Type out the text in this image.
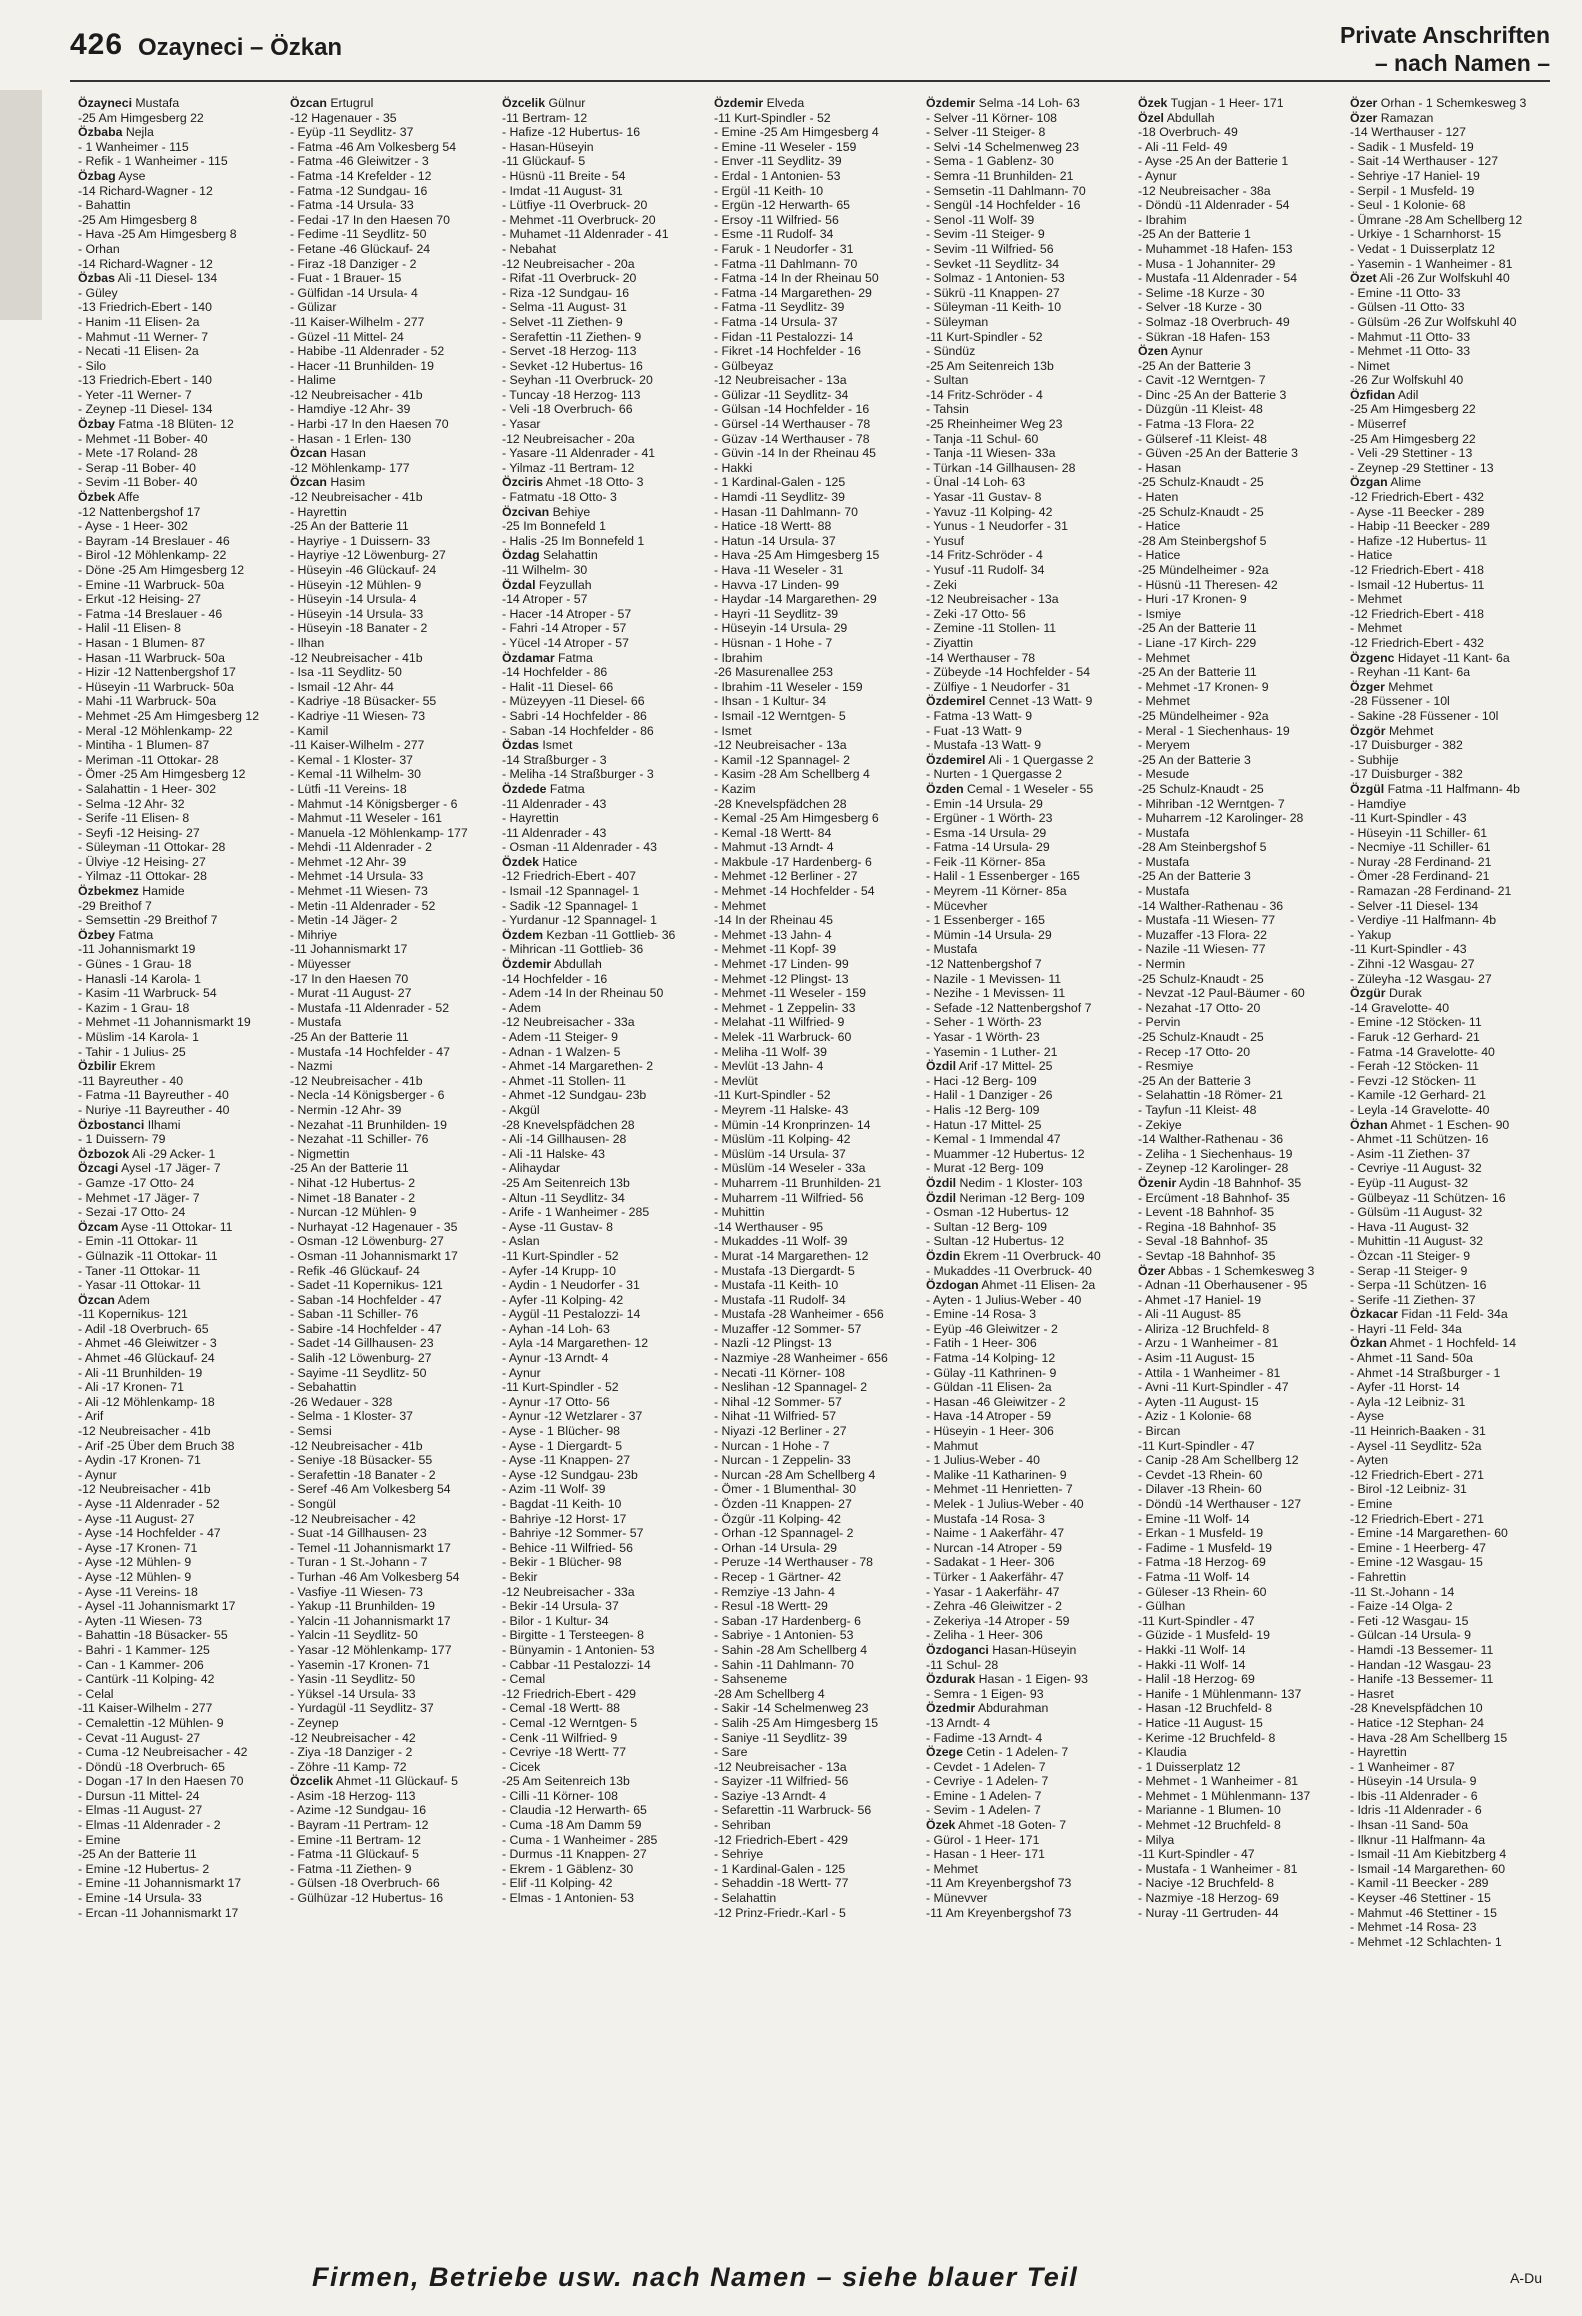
426 Ozayneci – Özkan	Private Anschriften
– nach Namen –
Özayneci Mustafa
-25 Am Himgesberg 22
Özbaba Nejla
- 1 Wanheimer - 115
- Refik - 1 Wanheimer - 115
Özbag Ayse
-14 Richard-Wagner - 12
- Bahattin
-25 Am Himgesberg 8
- Hava -25 Am Himgesberg 8
- Orhan
-14 Richard-Wagner - 12
Özbas Ali -11 Diesel- 134
- Güley
-13 Friedrich-Ebert - 140
- Hanim -11 Elisen- 2a
- Mahmut -11 Werner- 7
- Necati -11 Elisen- 2a
- Silo
-13 Friedrich-Ebert - 140
- Yeter -11 Werner- 7
- Zeynep -11 Diesel- 134
Özbay Fatma -18 Blüten- 12
- Mehmet -11 Bober- 40
- Mete -17 Roland- 28
- Serap -11 Bober- 40
- Sevim -11 Bober- 40
Özbek Affe
-12 Nattenbergshof 17
- Ayse - 1 Heer- 302
- Bayram -14 Breslauer - 46
- Birol -12 Möhlenkamp- 22
- Döne -25 Am Himgesberg 12
- Emine -11 Warbruck- 50a
- Erkut -12 Heising- 27
- Fatma -14 Breslauer - 46
- Halil -11 Elisen- 8
- Hasan - 1 Blumen- 87
- Hasan -11 Warbruck- 50a
- Hizir -12 Nattenbergshof 17
- Hüseyin -11 Warbruck- 50a
- Mahi -11 Warbruck- 50a
- Mehmet -25 Am Himgesberg 12
- Meral -12 Möhlenkamp- 22
- Mintiha - 1 Blumen- 87
- Meriman -11 Ottokar- 28
- Ömer -25 Am Himgesberg 12
- Salahattin - 1 Heer- 302
- Selma -12 Ahr- 32
- Serife -11 Elisen- 8
- Seyfi -12 Heising- 27
- Süleyman -11 Ottokar- 28
- Ülviye -12 Heising- 27
- Yilmaz -11 Ottokar- 28
Özbekmez Hamide
-29 Breithof 7
- Semsettin -29 Breithof 7
Özbey Fatma
-11 Johannismarkt 19
- Günes - 1 Grau- 18
- Hanasli -14 Karola- 1
- Kasim -11 Warbruck- 54
- Kazim - 1 Grau- 18
- Mehmet -11 Johannismarkt 19
- Müslim -14 Karola- 1
- Tahir - 1 Julius- 25
Özbilir Ekrem
-11 Bayreuther - 40
- Fatma -11 Bayreuther - 40
- Nuriye -11 Bayreuther - 40
Özbostanci Ilhami
- 1 Duissern- 79
Özbozok Ali -29 Acker- 1
Özcagi Aysel -17 Jäger- 7
- Gamze -17 Otto- 24
- Mehmet -17 Jäger- 7
- Sezai -17 Otto- 24
Özcam Ayse -11 Ottokar- 11
- Emin -11 Ottokar- 11
- Gülnazik -11 Ottokar- 11
- Taner -11 Ottokar- 11
- Yasar -11 Ottokar- 11
Özcan Adem
-11 Kopernikus- 121
- Adil -18 Overbruch- 65
- Ahmet -46 Gleiwitzer - 3
- Ahmet -46 Glückauf- 24
- Ali -11 Brunhilden- 19
- Ali -17 Kronen- 71
- Ali -12 Möhlenkamp- 18
- Arif
-12 Neubreisacher - 41b
- Arif -25 Über dem Bruch 38
- Aydin -17 Kronen- 71
- Aynur
-12 Neubreisacher - 41b
- Ayse -11 Aldenrader - 52
- Ayse -11 August- 27
- Ayse -14 Hochfelder - 47
- Ayse -17 Kronen- 71
- Ayse -12 Mühlen- 9
- Ayse -12 Mühlen- 9
- Ayse -11 Vereins- 18
- Aysel -11 Johannismarkt 17
- Ayten -11 Wiesen- 73
- Bahattin -18 Büsacker- 55
- Bahri - 1 Kammer- 125
- Can - 1 Kammer- 206
- Cantürk -11 Kolping- 42
- Celal
-11 Kaiser-Wilhelm - 277
- Cemalettin -12 Mühlen- 9
- Cevat -11 August- 27
- Cuma -12 Neubreisacher - 42
- Döndü -18 Overbruch- 65
- Dogan -17 In den Haesen 70
- Dursun -11 Mittel- 24
- Elmas -11 August- 27
- Elmas -11 Aldenrader - 2
- Emine
-25 An der Batterie 11
- Emine -12 Hubertus- 2
- Emine -11 Johannismarkt 17
- Emine -14 Ursula- 33
- Ercan -11 Johannismarkt 17
Özcan Ertugrul
-12 Hagenauer - 35
- Eyüp -11 Seydlitz- 37
- Fatma -46 Am Volkesberg 54
- Fatma -46 Gleiwitzer - 3
- Fatma -14 Krefelder - 12
- Fatma -12 Sundgau- 16
- Fatma -14 Ursula- 33
- Fedai -17 In den Haesen 70
- Fedime -11 Seydlitz- 50
- Fetane -46 Glückauf- 24
- Firaz -18 Danziger - 2
- Fuat - 1 Brauer- 15
- Gülfidan -14 Ursula- 4
- Gülizar
-11 Kaiser-Wilhelm - 277
- Güzel -11 Mittel- 24
- Habibe -11 Aldenrader - 52
- Hacer -11 Brunhilden- 19
- Halime
-12 Neubreisacher - 41b
- Hamdiye -12 Ahr- 39
- Harbi -17 In den Haesen 70
- Hasan - 1 Erlen- 130
Özcan Hasan
-12 Möhlenkamp- 177
Özcan Hasim
-12 Neubreisacher - 41b
- Hayrettin
-25 An der Batterie 11
- Hayriye - 1 Duissern- 33
- Hayriye -12 Löwenburg- 27
- Hüseyin -46 Glückauf- 24
- Hüseyin -12 Mühlen- 9
- Hüseyin -14 Ursula- 4
- Hüseyin -14 Ursula- 33
- Hüseyin -18 Banater - 2
- Ilhan
-12 Neubreisacher - 41b
- Isa -11 Seydlitz- 50
- Ismail -12 Ahr- 44
- Kadriye -18 Büsacker- 55
- Kadriye -11 Wiesen- 73
- Kamil
-11 Kaiser-Wilhelm - 277
- Kemal - 1 Kloster- 37
- Kemal -11 Wilhelm- 30
- Lütfi -11 Vereins- 18
- Mahmut -14 Königsberger - 6
- Mahmut -11 Weseler - 161
- Manuela -12 Möhlenkamp- 177
- Mehdi -11 Aldenrader - 2
- Mehmet -12 Ahr- 39
- Mehmet -14 Ursula- 33
- Mehmet -11 Wiesen- 73
- Metin -11 Aldenrader - 52
- Metin -14 Jäger- 2
- Mihriye
-11 Johannismarkt 17
- Müyesser
-17 In den Haesen 70
- Murat -11 August- 27
- Mustafa -11 Aldenrader - 52
- Mustafa
-25 An der Batterie 11
- Mustafa -14 Hochfelder - 47
- Nazmi
-12 Neubreisacher - 41b
- Necla -14 Königsberger - 6
- Nermin -12 Ahr- 39
- Nezahat -11 Brunhilden- 19
- Nezahat -11 Schiller- 76
- Nigmettin
-25 An der Batterie 11
- Nihat -12 Hubertus- 2
- Nimet -18 Banater - 2
- Nurcan -12 Mühlen- 9
- Nurhayat -12 Hagenauer - 35
- Osman -12 Löwenburg- 27
- Osman -11 Johannismarkt 17
- Refik -46 Glückauf- 24
- Sadet -11 Kopernikus- 121
- Saban -14 Hochfelder - 47
- Saban -11 Schiller- 76
- Sabire -14 Hochfelder - 47
- Sadet -14 Gillhausen- 23
- Salih -12 Löwenburg- 27
- Sayime -11 Seydlitz- 50
- Sebahattin
-26 Wedauer - 328
- Selma - 1 Kloster- 37
- Semsi
-12 Neubreisacher - 41b
- Seniye -18 Büsacker- 55
- Serafettin -18 Banater - 2
- Seref -46 Am Volkesberg 54
- Songül
-12 Neubreisacher - 42
- Suat -14 Gillhausen- 23
- Temel -11 Johannismarkt 17
- Turan - 1 St.-Johann - 7
- Turhan -46 Am Volkesberg 54
- Vasfiye -11 Wiesen- 73
- Yakup -11 Brunhilden- 19
- Yalcin -11 Johannismarkt 17
- Yalcin -11 Seydlitz- 50
- Yasar -12 Möhlenkamp- 177
- Yasemin -17 Kronen- 71
- Yasin -11 Seydlitz- 50
- Yüksel -14 Ursula- 33
- Yurdagül -11 Seydlitz- 37
- Zeynep
-12 Neubreisacher - 42
- Ziya -18 Danziger - 2
- Zöhre -11 Kamp- 72
Özcelik Ahmet -11 Glückauf- 5
- Asim -18 Herzog- 113
- Azime -12 Sundgau- 16
- Bayram -11 Pertram- 12
- Emine -11 Bertram- 12
- Fatma -11 Glückauf- 5
- Fatma -11 Ziethen- 9
- Gülsen -18 Overbruch- 66
- Gülhüzar -12 Hubertus- 16
Özcelik Gülnur
-11 Bertram- 12
- Hafize -12 Hubertus- 16
- Hasan-Hüseyin
-11 Glückauf- 5
- Hüsnü -11 Breite - 54
- Imdat -11 August- 31
- Lütfiye -11 Overbruck- 20
- Mehmet -11 Overbruck- 20
- Muhamet -11 Aldenrader - 41
- Nebahat
-12 Neubreisacher - 20a
- Rifat -11 Overbruck- 20
- Riza -12 Sundgau- 16
- Selma -11 August- 31
- Selvet -11 Ziethen- 9
- Serafettin -11 Ziethen- 9
- Servet -18 Herzog- 113
- Sevket -12 Hubertus- 16
- Seyhan -11 Overbruck- 20
- Tuncay -18 Herzog- 113
- Veli -18 Overbruch- 66
- Yasar
-12 Neubreisacher - 20a
- Yasare -11 Aldenrader - 41
- Yilmaz -11 Bertram- 12
Özciris Ahmet -18 Otto- 3
- Fatmatu -18 Otto- 3
Özcivan Behiye
-25 Im Bonnefeld 1
- Halis -25 Im Bonnefeld 1
Özdag Selahattin
-11 Wilhelm- 30
Özdal Feyzullah
-14 Atroper - 57
- Hacer -14 Atroper - 57
- Fahri -14 Atroper - 57
- Yücel -14 Atroper - 57
Özdamar Fatma
-14 Hochfelder - 86
- Halit -11 Diesel- 66
- Müzeyyen -11 Diesel- 66
- Sabri -14 Hochfelder - 86
- Saban -14 Hochfelder - 86
Özdas Ismet
-14 Straßburger - 3
- Meliha -14 Straßburger - 3
Özdede Fatma
-11 Aldenrader - 43
- Hayrettin
-11 Aldenrader - 43
- Osman -11 Aldenrader - 43
Özdek Hatice
-12 Friedrich-Ebert - 407
- Ismail -12 Spannagel- 1
- Sadik -12 Spannagel- 1
- Yurdanur -12 Spannagel- 1
Özdem Kezban -11 Gottlieb- 36
- Mihrican -11 Gottlieb- 36
Özdemir Abdullah
-14 Hochfelder - 16
- Adem -14 In der Rheinau 50
- Adem
-12 Neubreisacher - 33a
- Adem -11 Steiger- 9
- Adnan - 1 Walzen- 5
- Ahmet -14 Margarethen- 2
- Ahmet -11 Stollen- 11
- Ahmet -12 Sundgau- 23b
- Akgül
-28 Knevelspfädchen 28
- Ali -14 Gillhausen- 28
- Ali -11 Halske- 43
- Alihaydar
-25 Am Seitenreich 13b
- Altun -11 Seydlitz- 34
- Arife - 1 Wanheimer - 285
- Ayse -11 Gustav- 8
- Aslan
-11 Kurt-Spindler - 52
- Ayfer -14 Krupp- 10
- Aydin - 1 Neudorfer - 31
- Ayfer -11 Kolping- 42
- Aygül -11 Pestalozzi- 14
- Ayhan -14 Loh- 63
- Ayla -14 Margarethen- 12
- Aynur -13 Arndt- 4
- Aynur
-11 Kurt-Spindler - 52
- Aynur -17 Otto- 56
- Aynur -12 Wetzlarer - 37
- Ayse - 1 Blücher- 98
- Ayse - 1 Diergardt- 5
- Ayse -11 Knappen- 27
- Ayse -12 Sundgau- 23b
- Azim -11 Wolf- 39
- Bagdat -11 Keith- 10
- Bahriye -12 Horst- 17
- Bahriye -12 Sommer- 57
- Behice -11 Wilfried- 56
- Bekir - 1 Blücher- 98
- Bekir
-12 Neubreisacher - 33a
- Bekir -14 Ursula- 37
- Bilor - 1 Kultur- 34
- Birgitte - 1 Tersteegen- 8
- Bünyamin - 1 Antonien- 53
- Cabbar -11 Pestalozzi- 14
- Cemal
-12 Friedrich-Ebert - 429
- Cemal -18 Wertt- 88
- Cemal -12 Werntgen- 5
- Cenk -11 Wilfried- 9
- Cevriye -18 Wertt- 77
- Cicek
-25 Am Seitenreich 13b
- Cilli -11 Körner- 108
- Claudia -12 Herwarth- 65
- Cuma -18 Am Damm 59
- Cuma - 1 Wanheimer - 285
- Durmus -11 Knappen- 27
- Ekrem - 1 Gäblenz- 30
- Elif -11 Kolping- 42
- Elmas - 1 Antonien- 53
Özdemir Elveda
-11 Kurt-Spindler - 52
- Emine -25 Am Himgesberg 4
- Emine -11 Weseler - 159
- Enver -11 Seydlitz- 39
- Erdal - 1 Antonien- 53
- Ergül -11 Keith- 10
- Ergün -12 Herwarth- 65
- Ersoy -11 Wilfried- 56
- Esme -11 Rudolf- 34
- Faruk - 1 Neudorfer - 31
- Fatma -11 Dahlmann- 70
- Fatma -14 In der Rheinau 50
- Fatma -14 Margarethen- 29
- Fatma -11 Seydlitz- 39
- Fatma -14 Ursula- 37
- Fidan -11 Pestalozzi- 14
- Fikret -14 Hochfelder - 16
- Gülbeyaz
-12 Neubreisacher - 13a
- Gülizar -11 Seydlitz- 34
- Gülsan -14 Hochfelder - 16
- Gürsel -14 Werthauser - 78
- Güzav -14 Werthauser - 78
- Güvin -14 In der Rheinau 45
- Hakki
- 1 Kardinal-Galen - 125
- Hamdi -11 Seydlitz- 39
- Hasan -11 Dahlmann- 70
- Hatice -18 Wertt- 88
- Hatun -14 Ursula- 37
- Hava -25 Am Himgesberg 15
- Hava -11 Weseler - 31
- Havva -17 Linden- 99
- Haydar -14 Margarethen- 29
- Hayri -11 Seydlitz- 39
- Hüseyin -14 Ursula- 29
- Hüsnan - 1 Hohe - 7
- Ibrahim
-26 Masurenallee 253
- Ibrahim -11 Weseler - 159
- Ihsan - 1 Kultur- 34
- Ismail -12 Werntgen- 5
- Ismet
-12 Neubreisacher - 13a
- Kamil -12 Spannagel- 2
- Kasim -28 Am Schellberg 4
- Kazim
-28 Knevelspfädchen 28
- Kemal -25 Am Himgesberg 6
- Kemal -18 Wertt- 84
- Mahmut -13 Arndt- 4
- Makbule -17 Hardenberg- 6
- Mehmet -12 Berliner - 27
- Mehmet -14 Hochfelder - 54
- Mehmet
-14 In der Rheinau 45
- Mehmet -13 Jahn- 4
- Mehmet -11 Kopf- 39
- Mehmet -17 Linden- 99
- Mehmet -12 Plingst- 13
- Mehmet -11 Weseler - 159
- Mehmet - 1 Zeppelin- 33
- Melahat -11 Wilfried- 9
- Melek -11 Warbruck- 60
- Meliha -11 Wolf- 39
- Mevlüt -13 Jahn- 4
- Mevlüt
-11 Kurt-Spindler - 52
- Meyrem -11 Halske- 43
- Mümin -14 Kronprinzen- 14
- Müslüm -11 Kolping- 42
- Müslüm -14 Ursula- 37
- Müslüm -14 Weseler - 33a
- Muharrem -11 Brunhilden- 21
- Muharrem -11 Wilfried- 56
- Muhittin
-14 Werthauser - 95
- Mukaddes -11 Wolf- 39
- Murat -14 Margarethen- 12
- Mustafa -13 Diergardt- 5
- Mustafa -11 Keith- 10
- Mustafa -11 Rudolf- 34
- Mustafa -28 Wanheimer - 656
- Muzaffer -12 Sommer- 57
- Nazli -12 Plingst- 13
- Nazmiye -28 Wanheimer - 656
- Necati -11 Körner- 108
- Neslihan -12 Spannagel- 2
- Nihal -12 Sommer- 57
- Nihat -11 Wilfried- 57
- Niyazi -12 Berliner - 27
- Nurcan - 1 Hohe - 7
- Nurcan - 1 Zeppelin- 33
- Nurcan -28 Am Schellberg 4
- Ömer - 1 Blumenthal- 30
- Özden -11 Knappen- 27
- Özgür -11 Kolping- 42
- Orhan -12 Spannagel- 2
- Orhan -14 Ursula- 29
- Peruze -14 Werthauser - 78
- Recep - 1 Gärtner- 42
- Remziye -13 Jahn- 4
- Resul -18 Wertt- 29
- Saban -17 Hardenberg- 6
- Sabriye - 1 Antonien- 53
- Sahin -28 Am Schellberg 4
- Sahin -11 Dahlmann- 70
- Sahseneme
-28 Am Schellberg 4
- Sakir -14 Schelmenweg 23
- Salih -25 Am Himgesberg 15
- Saniye -11 Seydlitz- 39
- Sare
-12 Neubreisacher - 13a
- Sayizer -11 Wilfried- 56
- Saziye -13 Arndt- 4
- Sefarettin -11 Warbruck- 56
- Sehriban
-12 Friedrich-Ebert - 429
- Sehriye
- 1 Kardinal-Galen - 125
- Sehaddin -18 Wertt- 77
- Selahattin
-12 Prinz-Friedr.-Karl - 5
Özdemir Selma -14 Loh- 63
- Selver -11 Körner- 108
- Selver -11 Steiger- 8
- Selvi -14 Schelmenweg 23
- Sema - 1 Gablenz- 30
- Semra -11 Brunhilden- 21
- Semsetin -11 Dahlmann- 70
- Sengül -14 Hochfelder - 16
- Senol -11 Wolf- 39
- Sevim -11 Steiger- 9
- Sevim -11 Wilfried- 56
- Sevket -11 Seydlitz- 34
- Solmaz - 1 Antonien- 53
- Sükrü -11 Knappen- 27
- Süleyman -11 Keith- 10
- Süleyman
-11 Kurt-Spindler - 52
- Sündüz
-25 Am Seitenreich 13b
- Sultan
-14 Fritz-Schröder - 4
- Tahsin
-25 Rheinheimer Weg 23
- Tanja -11 Schul- 60
- Tanja -11 Wiesen- 33a
- Türkan -14 Gillhausen- 28
- Ünal -14 Loh- 63
- Yasar -11 Gustav- 8
- Yavuz -11 Kolping- 42
- Yunus - 1 Neudorfer - 31
- Yusuf
-14 Fritz-Schröder - 4
- Yusuf -11 Rudolf- 34
- Zeki
-12 Neubreisacher - 13a
- Zeki -17 Otto- 56
- Zemine -11 Stollen- 11
- Ziyattin
-14 Werthauser - 78
- Zübeyde -14 Hochfelder - 54
- Zülfiye - 1 Neudorfer - 31
Özdemirel Cennet -13 Watt- 9
- Fatma -13 Watt- 9
- Fuat -13 Watt- 9
- Mustafa -13 Watt- 9
Özdemirel Ali - 1 Quergasse 2
- Nurten - 1 Quergasse 2
Özden Cemal - 1 Weseler - 55
- Emin -14 Ursula- 29
- Ergüner - 1 Wörth- 23
- Esma -14 Ursula- 29
- Fatma -14 Ursula- 29
- Feik -11 Körner- 85a
- Halil - 1 Essenberger - 165
- Meyrem -11 Körner- 85a
- Mücevher
- 1 Essenberger - 165
- Mümin -14 Ursula- 29
- Mustafa
-12 Nattenbergshof 7
- Nazile - 1 Mevissen- 11
- Nezihe - 1 Mevissen- 11
- Sefade -12 Nattenbergshof 7
- Seher - 1 Wörth- 23
- Yasar - 1 Wörth- 23
- Yasemin - 1 Luther- 21
Özdil Arif -17 Mittel- 25
- Haci -12 Berg- 109
- Halil - 1 Danziger - 26
- Halis -12 Berg- 109
- Hatun -17 Mittel- 25
- Kemal - 1 Immendal 47
- Muammer -12 Hubertus- 12
- Murat -12 Berg- 109
Özdil Nedim - 1 Kloster- 103
Özdil Neriman -12 Berg- 109
- Osman -12 Hubertus- 12
- Sultan -12 Berg- 109
- Sultan -12 Hubertus- 12
Özdin Ekrem -11 Overbruck- 40
- Mukaddes -11 Overbruck- 40
Özdogan Ahmet -11 Elisen- 2a
- Ayten - 1 Julius-Weber - 40
- Emine -14 Rosa- 3
- Eyüp -46 Gleiwitzer - 2
- Fatih - 1 Heer- 306
- Fatma -14 Kolping- 12
- Gülay -11 Kathrinen- 9
- Güldan -11 Elisen- 2a
- Hasan -46 Gleiwitzer - 2
- Hava -14 Atroper - 59
- Hüseyin - 1 Heer- 306
- Mahmut
- 1 Julius-Weber - 40
- Malike -11 Katharinen- 9
- Mehmet -11 Henrietten- 7
- Melek - 1 Julius-Weber - 40
- Mustafa -14 Rosa- 3
- Naime - 1 Aakerfähr- 47
- Nurcan -14 Atroper - 59
- Sadakat - 1 Heer- 306
- Türker - 1 Aakerfähr- 47
- Yasar - 1 Aakerfähr- 47
- Zehra -46 Gleiwitzer - 2
- Zekeriya -14 Atroper - 59
- Zeliha - 1 Heer- 306
Özdoganci Hasan-Hüseyin
-11 Schul- 28
Özdurak Hasan - 1 Eigen- 93
- Semra - 1 Eigen- 93
Özedmir Abdurahman
-13 Arndt- 4
- Fadime -13 Arndt- 4
Özege Cetin - 1 Adelen- 7
- Cevdet - 1 Adelen- 7
- Cevriye - 1 Adelen- 7
- Emine - 1 Adelen- 7
- Sevim - 1 Adelen- 7
Özek Ahmet -18 Goten- 7
- Gürol - 1 Heer- 171
- Hasan - 1 Heer- 171
- Mehmet
-11 Am Kreyenbergshof 73
- Münevver
-11 Am Kreyenbergshof 73
Özek Tugjan - 1 Heer- 171
Özel Abdullah
-18 Overbruch- 49
- Ali -11 Feld- 49
- Ayse -25 An der Batterie 1
- Aynur
-12 Neubreisacher - 38a
- Döndü -11 Aldenrader - 54
- Ibrahim
-25 An der Batterie 1
- Muhammet -18 Hafen- 153
- Musa - 1 Johanniter- 29
- Mustafa -11 Aldenrader - 54
- Selime -18 Kurze - 30
- Selver -18 Kurze - 30
- Solmaz -18 Overbruch- 49
- Sükran -18 Hafen- 153
Özen Aynur
-25 An der Batterie 3
- Cavit -12 Werntgen- 7
- Dinc -25 An der Batterie 3
- Düzgün -11 Kleist- 48
- Fatma -13 Flora- 22
- Gülseref -11 Kleist- 48
- Güven -25 An der Batterie 3
- Hasan
-25 Schulz-Knaudt - 25
- Haten
-25 Schulz-Knaudt - 25
- Hatice
-28 Am Steinbergshof 5
- Hatice
-25 Mündelheimer - 92a
- Hüsnü -11 Theresen- 42
- Huri -17 Kronen- 9
- Ismiye
-25 An der Batterie 11
- Liane -17 Kirch- 229
- Mehmet
-25 An der Batterie 11
- Mehmet -17 Kronen- 9
- Mehmet
-25 Mündelheimer - 92a
- Meral - 1 Siechenhaus- 19
- Meryem
-25 An der Batterie 3
- Mesude
-25 Schulz-Knaudt - 25
- Mihriban -12 Werntgen- 7
- Muharrem -12 Karolinger- 28
- Mustafa
-28 Am Steinbergshof 5
- Mustafa
-25 An der Batterie 3
- Mustafa
-14 Walther-Rathenau - 36
- Mustafa -11 Wiesen- 77
- Muzaffer -13 Flora- 22
- Nazile -11 Wiesen- 77
- Nermin
-25 Schulz-Knaudt - 25
- Nevzat -12 Paul-Bäumer - 60
- Nezahat -17 Otto- 20
- Pervin
-25 Schulz-Knaudt - 25
- Recep -17 Otto- 20
- Resmiye
-25 An der Batterie 3
- Selahattin -18 Römer- 21
- Tayfun -11 Kleist- 48
- Zekiye
-14 Walther-Rathenau - 36
- Zeliha - 1 Siechenhaus- 19
- Zeynep -12 Karolinger- 28
Özenir Aydin -18 Bahnhof- 35
- Ercüment -18 Bahnhof- 35
- Levent -18 Bahnhof- 35
- Regina -18 Bahnhof- 35
- Seval -18 Bahnhof- 35
- Sevtap -18 Bahnhof- 35
Özer Abbas - 1 Schemkesweg 3
- Adnan -11 Oberhausener - 95
- Ahmet -17 Haniel- 19
- Ali -11 August- 85
- Aliriza -12 Bruchfeld- 8
- Arzu - 1 Wanheimer - 81
- Asim -11 August- 15
- Attila - 1 Wanheimer - 81
- Avni -11 Kurt-Spindler - 47
- Ayten -11 August- 15
- Aziz - 1 Kolonie- 68
- Bircan
-11 Kurt-Spindler - 47
- Canip -28 Am Schellberg 12
- Cevdet -13 Rhein- 60
- Dilaver -13 Rhein- 60
- Döndü -14 Werthauser - 127
- Emine -11 Wolf- 14
- Erkan - 1 Musfeld- 19
- Fadime - 1 Musfeld- 19
- Fatma -18 Herzog- 69
- Fatma -11 Wolf- 14
- Güleser -13 Rhein- 60
- Gülhan
-11 Kurt-Spindler - 47
- Güzide - 1 Musfeld- 19
- Hakki -11 Wolf- 14
- Hakki -11 Wolf- 14
- Halil -18 Herzog- 69
- Hanife - 1 Mühlenmann- 137
- Hasan -12 Bruchfeld- 8
- Hatice -11 August- 15
- Kerime -12 Bruchfeld- 8
- Klaudia
- 1 Duisserplatz 12
- Mehmet - 1 Wanheimer - 81
- Mehmet - 1 Mühlenmann- 137
- Marianne - 1 Blumen- 10
- Mehmet -12 Bruchfeld- 8
- Milya
-11 Kurt-Spindler - 47
- Mustafa - 1 Wanheimer - 81
- Naciye -12 Bruchfeld- 8
- Nazmiye -18 Herzog- 69
- Nuray -11 Gertruden- 44
Özer Orhan - 1 Schemkesweg 3
Özer Ramazan
-14 Werthauser - 127
- Sadik - 1 Musfeld- 19
- Sait -14 Werthauser - 127
- Sehriye -17 Haniel- 19
- Serpil - 1 Musfeld- 19
- Seul - 1 Kolonie- 68
- Ümrane -28 Am Schellberg 12
- Urkiye - 1 Scharnhorst- 15
- Vedat - 1 Duisserplatz 12
- Yasemin - 1 Wanheimer - 81
Özet Ali -26 Zur Wolfskuhl 40
- Emine -11 Otto- 33
- Gülsen -11 Otto- 33
- Gülsüm -26 Zur Wolfskuhl 40
- Mahmut -11 Otto- 33
- Mehmet -11 Otto- 33
- Nimet
-26 Zur Wolfskuhl 40
Özfidan Adil
-25 Am Himgesberg 22
- Müserref
-25 Am Himgesberg 22
- Veli -29 Stettiner - 13
- Zeynep -29 Stettiner - 13
Özgan Alime
-12 Friedrich-Ebert - 432
- Ayse -11 Beecker - 289
- Habip -11 Beecker - 289
- Hafize -12 Hubertus- 11
- Hatice
-12 Friedrich-Ebert - 418
- Ismail -12 Hubertus- 11
- Mehmet
-12 Friedrich-Ebert - 418
- Mehmet
-12 Friedrich-Ebert - 432
Özgenc Hidayet -11 Kant- 6a
- Reyhan -11 Kant- 6a
Özger Mehmet
-28 Füssener - 10l
- Sakine -28 Füssener - 10l
Özgör Mehmet
-17 Duisburger - 382
- Subhije
-17 Duisburger - 382
Özgül Fatma -11 Halfmann- 4b
- Hamdiye
-11 Kurt-Spindler - 43
- Hüseyin -11 Schiller- 61
- Necmiye -11 Schiller- 61
- Nuray -28 Ferdinand- 21
- Ömer -28 Ferdinand- 21
- Ramazan -28 Ferdinand- 21
- Selver -11 Diesel- 134
- Verdiye -11 Halfmann- 4b
- Yakup
-11 Kurt-Spindler - 43
- Zihni -12 Wasgau- 27
- Züleyha -12 Wasgau- 27
Özgür Durak
-14 Gravelotte- 40
- Emine -12 Stöcken- 11
- Faruk -12 Gerhard- 21
- Fatma -14 Gravelotte- 40
- Ferah -12 Stöcken- 11
- Fevzi -12 Stöcken- 11
- Kamile -12 Gerhard- 21
- Leyla -14 Gravelotte- 40
Özhan Ahmet - 1 Eschen- 90
- Ahmet -11 Schützen- 16
- Asim -11 Ziethen- 37
- Cevriye -11 August- 32
- Eyüp -11 August- 32
- Gülbeyaz -11 Schützen- 16
- Gülsüm -11 August- 32
- Hava -11 August- 32
- Muhittin -11 August- 32
- Özcan -11 Steiger- 9
- Serap -11 Steiger- 9
- Serpa -11 Schützen- 16
- Serife -11 Ziethen- 37
Özkacar Fidan -11 Feld- 34a
- Hayri -11 Feld- 34a
Özkan Ahmet - 1 Hochfeld- 14
- Ahmet -11 Sand- 50a
- Ahmet -14 Straßburger - 1
- Ayfer -11 Horst- 14
- Ayla -12 Leibniz- 31
- Ayse
-11 Heinrich-Baaken - 31
- Aysel -11 Seydlitz- 52a
- Ayten
-12 Friedrich-Ebert - 271
- Birol -12 Leibniz- 31
- Emine
-12 Friedrich-Ebert - 271
- Emine -14 Margarethen- 60
- Emine - 1 Heerberg- 47
- Emine -12 Wasgau- 15
- Fahrettin
-11 St.-Johann - 14
- Faize -14 Olga- 2
- Feti -12 Wasgau- 15
- Gülcan -14 Ursula- 9
- Hamdi -13 Bessemer- 11
- Handan -12 Wasgau- 23
- Hanife -13 Bessemer- 11
- Hasret
-28 Knevelspfädchen 10
- Hatice -12 Stephan- 24
- Hava -28 Am Schellberg 15
- Hayrettin
- 1 Wanheimer - 87
- Hüseyin -14 Ursula- 9
- Ibis -11 Aldenrader - 6
- Idris -11 Aldenrader - 6
- Ihsan -11 Sand- 50a
- Ilknur -11 Halfmann- 4a
- Ismail -11 Am Kiebitzberg 4
- Ismail -14 Margarethen- 60
- Kamil -11 Beecker - 289
- Keyser -46 Stettiner - 15
- Mahmut -46 Stettiner - 15
- Mehmet -14 Rosa- 23
- Mehmet -12 Schlachten- 1
Firmen, Betriebe usw. nach Namen – siehe blauer Teil	A-Du
